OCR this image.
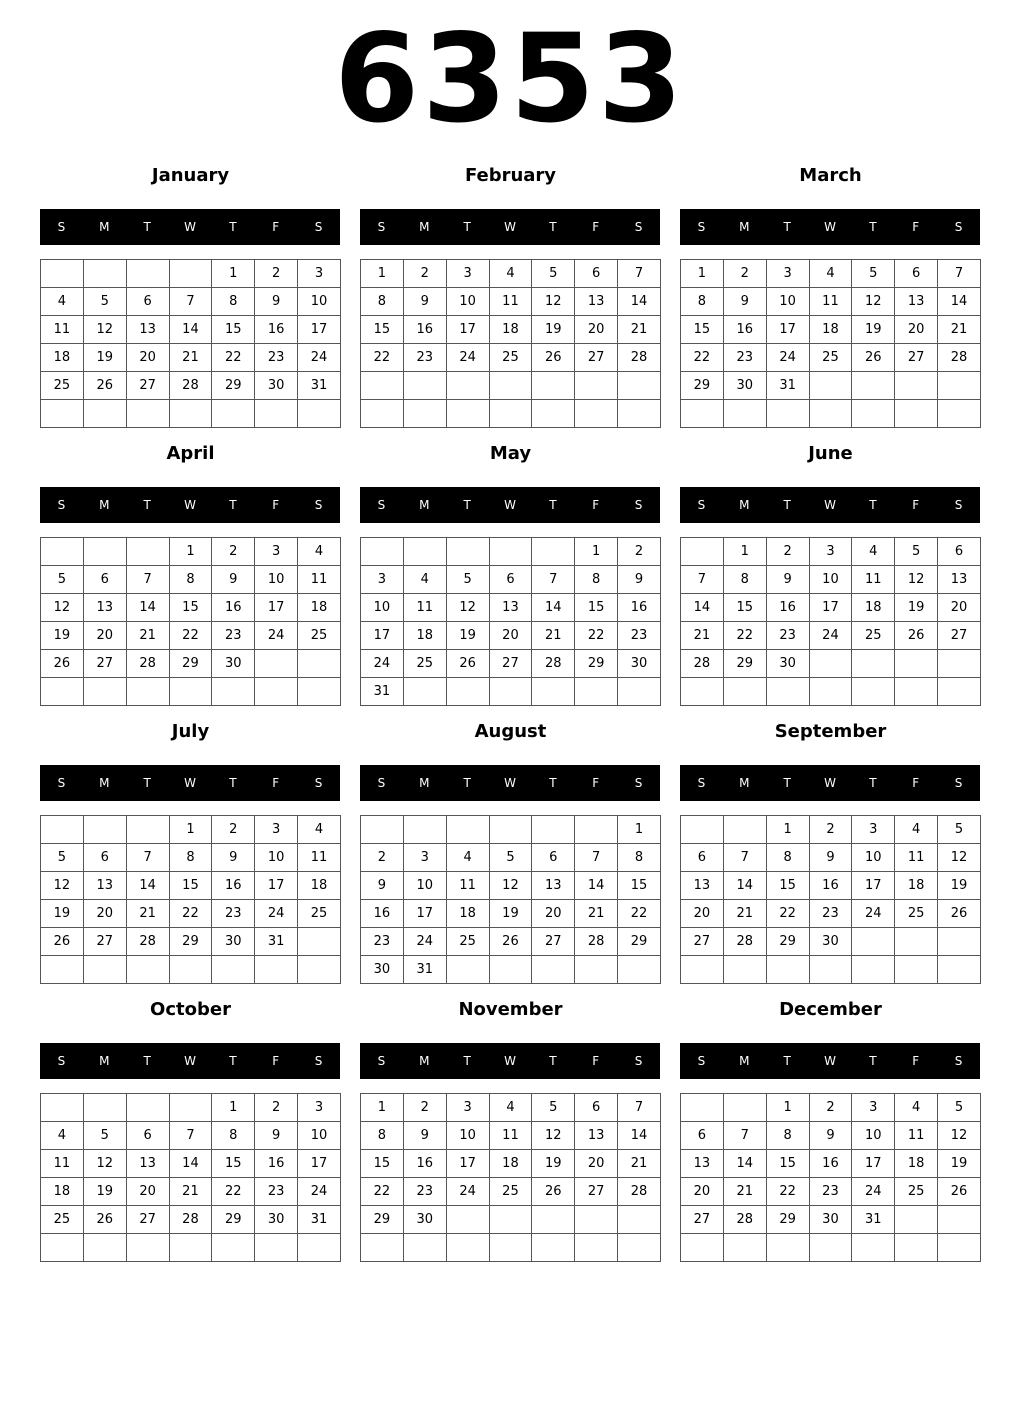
6353
January
S	M	T	W	T	F	S
				1	2	3
4	5	6	7	8	9	10
11	12	13	14	15	16	17
18	19	20	21	22	23	24
25	26	27	28	29	30	31

February
S	M	T	W	T	F	S
1	2	3	4	5	6	7
8	9	10	11	12	13	14
15	16	17	18	19	20	21
22	23	24	25	26	27	28

March
S	M	T	W	T	F	S
1	2	3	4	5	6	7
8	9	10	11	12	13	14
15	16	17	18	19	20	21
22	23	24	25	26	27	28
29	30	31				

April
S	M	T	W	T	F	S
			1	2	3	4
5	6	7	8	9	10	11
12	13	14	15	16	17	18
19	20	21	22	23	24	25
26	27	28	29	30		

May
S	M	T	W	T	F	S
					1	2
3	4	5	6	7	8	9
10	11	12	13	14	15	16
17	18	19	20	21	22	23
24	25	26	27	28	29	30
31						
June
S	M	T	W	T	F	S
	1	2	3	4	5	6
7	8	9	10	11	12	13
14	15	16	17	18	19	20
21	22	23	24	25	26	27
28	29	30				

July
S	M	T	W	T	F	S
			1	2	3	4
5	6	7	8	9	10	11
12	13	14	15	16	17	18
19	20	21	22	23	24	25
26	27	28	29	30	31	

August
S	M	T	W	T	F	S
						1
2	3	4	5	6	7	8
9	10	11	12	13	14	15
16	17	18	19	20	21	22
23	24	25	26	27	28	29
30	31					
September
S	M	T	W	T	F	S
		1	2	3	4	5
6	7	8	9	10	11	12
13	14	15	16	17	18	19
20	21	22	23	24	25	26
27	28	29	30			

October
S	M	T	W	T	F	S
				1	2	3
4	5	6	7	8	9	10
11	12	13	14	15	16	17
18	19	20	21	22	23	24
25	26	27	28	29	30	31

November
S	M	T	W	T	F	S
1	2	3	4	5	6	7
8	9	10	11	12	13	14
15	16	17	18	19	20	21
22	23	24	25	26	27	28
29	30					

December
S	M	T	W	T	F	S
		1	2	3	4	5
6	7	8	9	10	11	12
13	14	15	16	17	18	19
20	21	22	23	24	25	26
27	28	29	30	31		
